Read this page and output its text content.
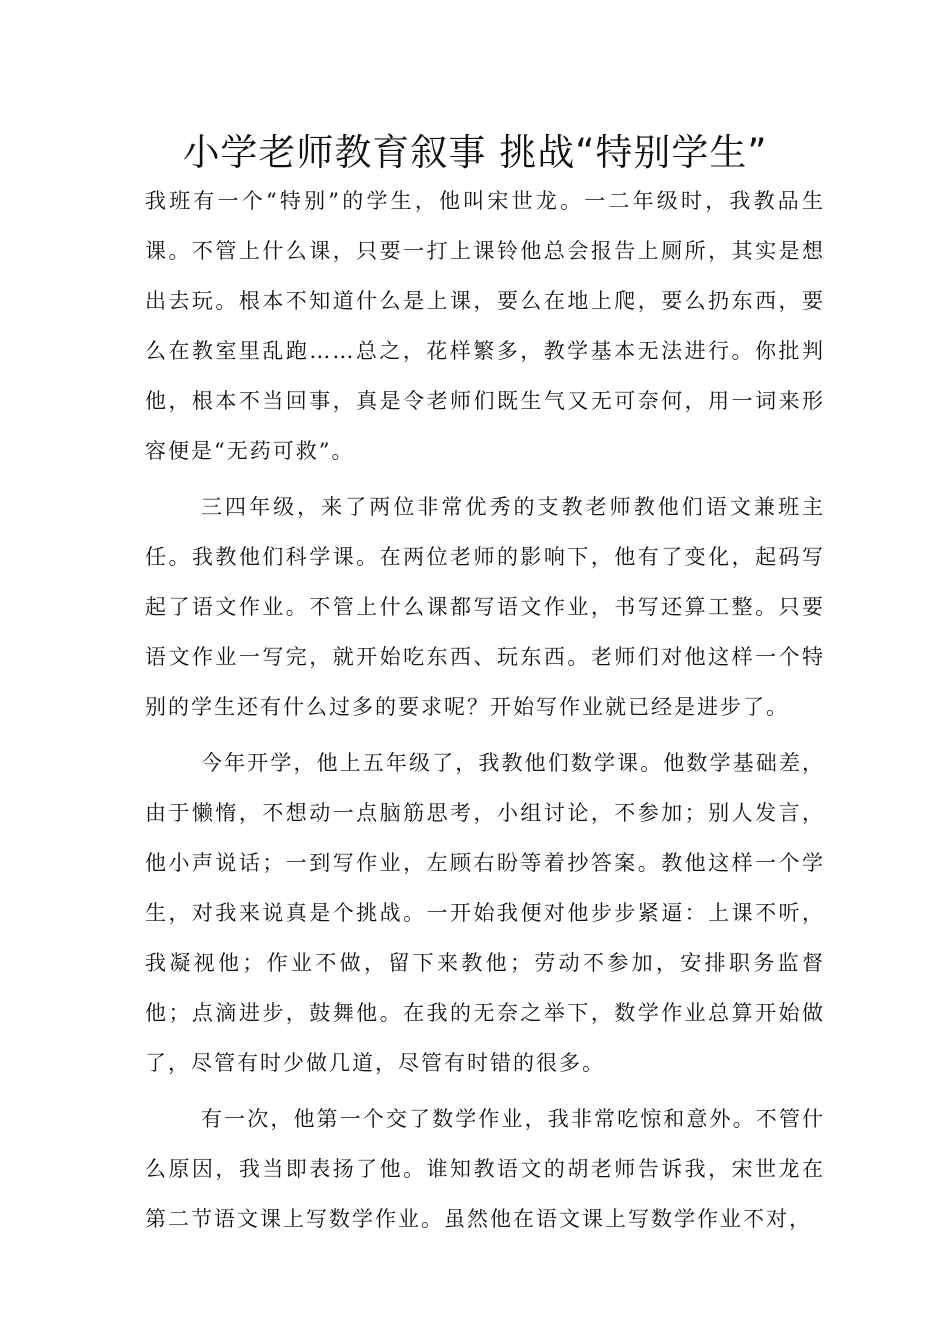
小学老师教育叙事 挑战“特别学生”

我班有一个“特别”的学生，他叫宋世龙。一二年级时，我教品生课。不管上什么课，只要一打上课铃他总会报告上厕所，其实是想出去玩。根本不知道什么是上课，要么在地上爬，要么扔东西，要么在教室里乱跑……总之，花样繁多，教学基本无法进行。你批判他，根本不当回事，真是令老师们既生气又无可奈何，用一词来形容便是“无药可救”。

三四年级，来了两位非常优秀的支教老师教他们语文兼班主任。我教他们科学课。在两位老师的影响下，他有了变化，起码写起了语文作业。不管上什么课都写语文作业，书写还算工整。只要语文作业一写完，就开始吃东西、玩东西。老师们对他这样一个特别的学生还有什么过多的要求呢？开始写作业就已经是进步了。

今年开学，他上五年级了，我教他们数学课。他数学基础差，由于懒惰，不想动一点脑筋思考，小组讨论，不参加；别人发言，他小声说话；一到写作业，左顾右盼等着抄答案。教他这样一个学生，对我来说真是个挑战。一开始我便对他步步紧逼：上课不听，我凝视他；作业不做，留下来教他；劳动不参加，安排职务监督他；点滴进步，鼓舞他。在我的无奈之举下，数学作业总算开始做了，尽管有时少做几道，尽管有时错的很多。

有一次，他第一个交了数学作业，我非常吃惊和意外。不管什么原因，我当即表扬了他。谁知教语文的胡老师告诉我，宋世龙在第二节语文课上写数学作业。虽然他在语文课上写数学作业不对，
